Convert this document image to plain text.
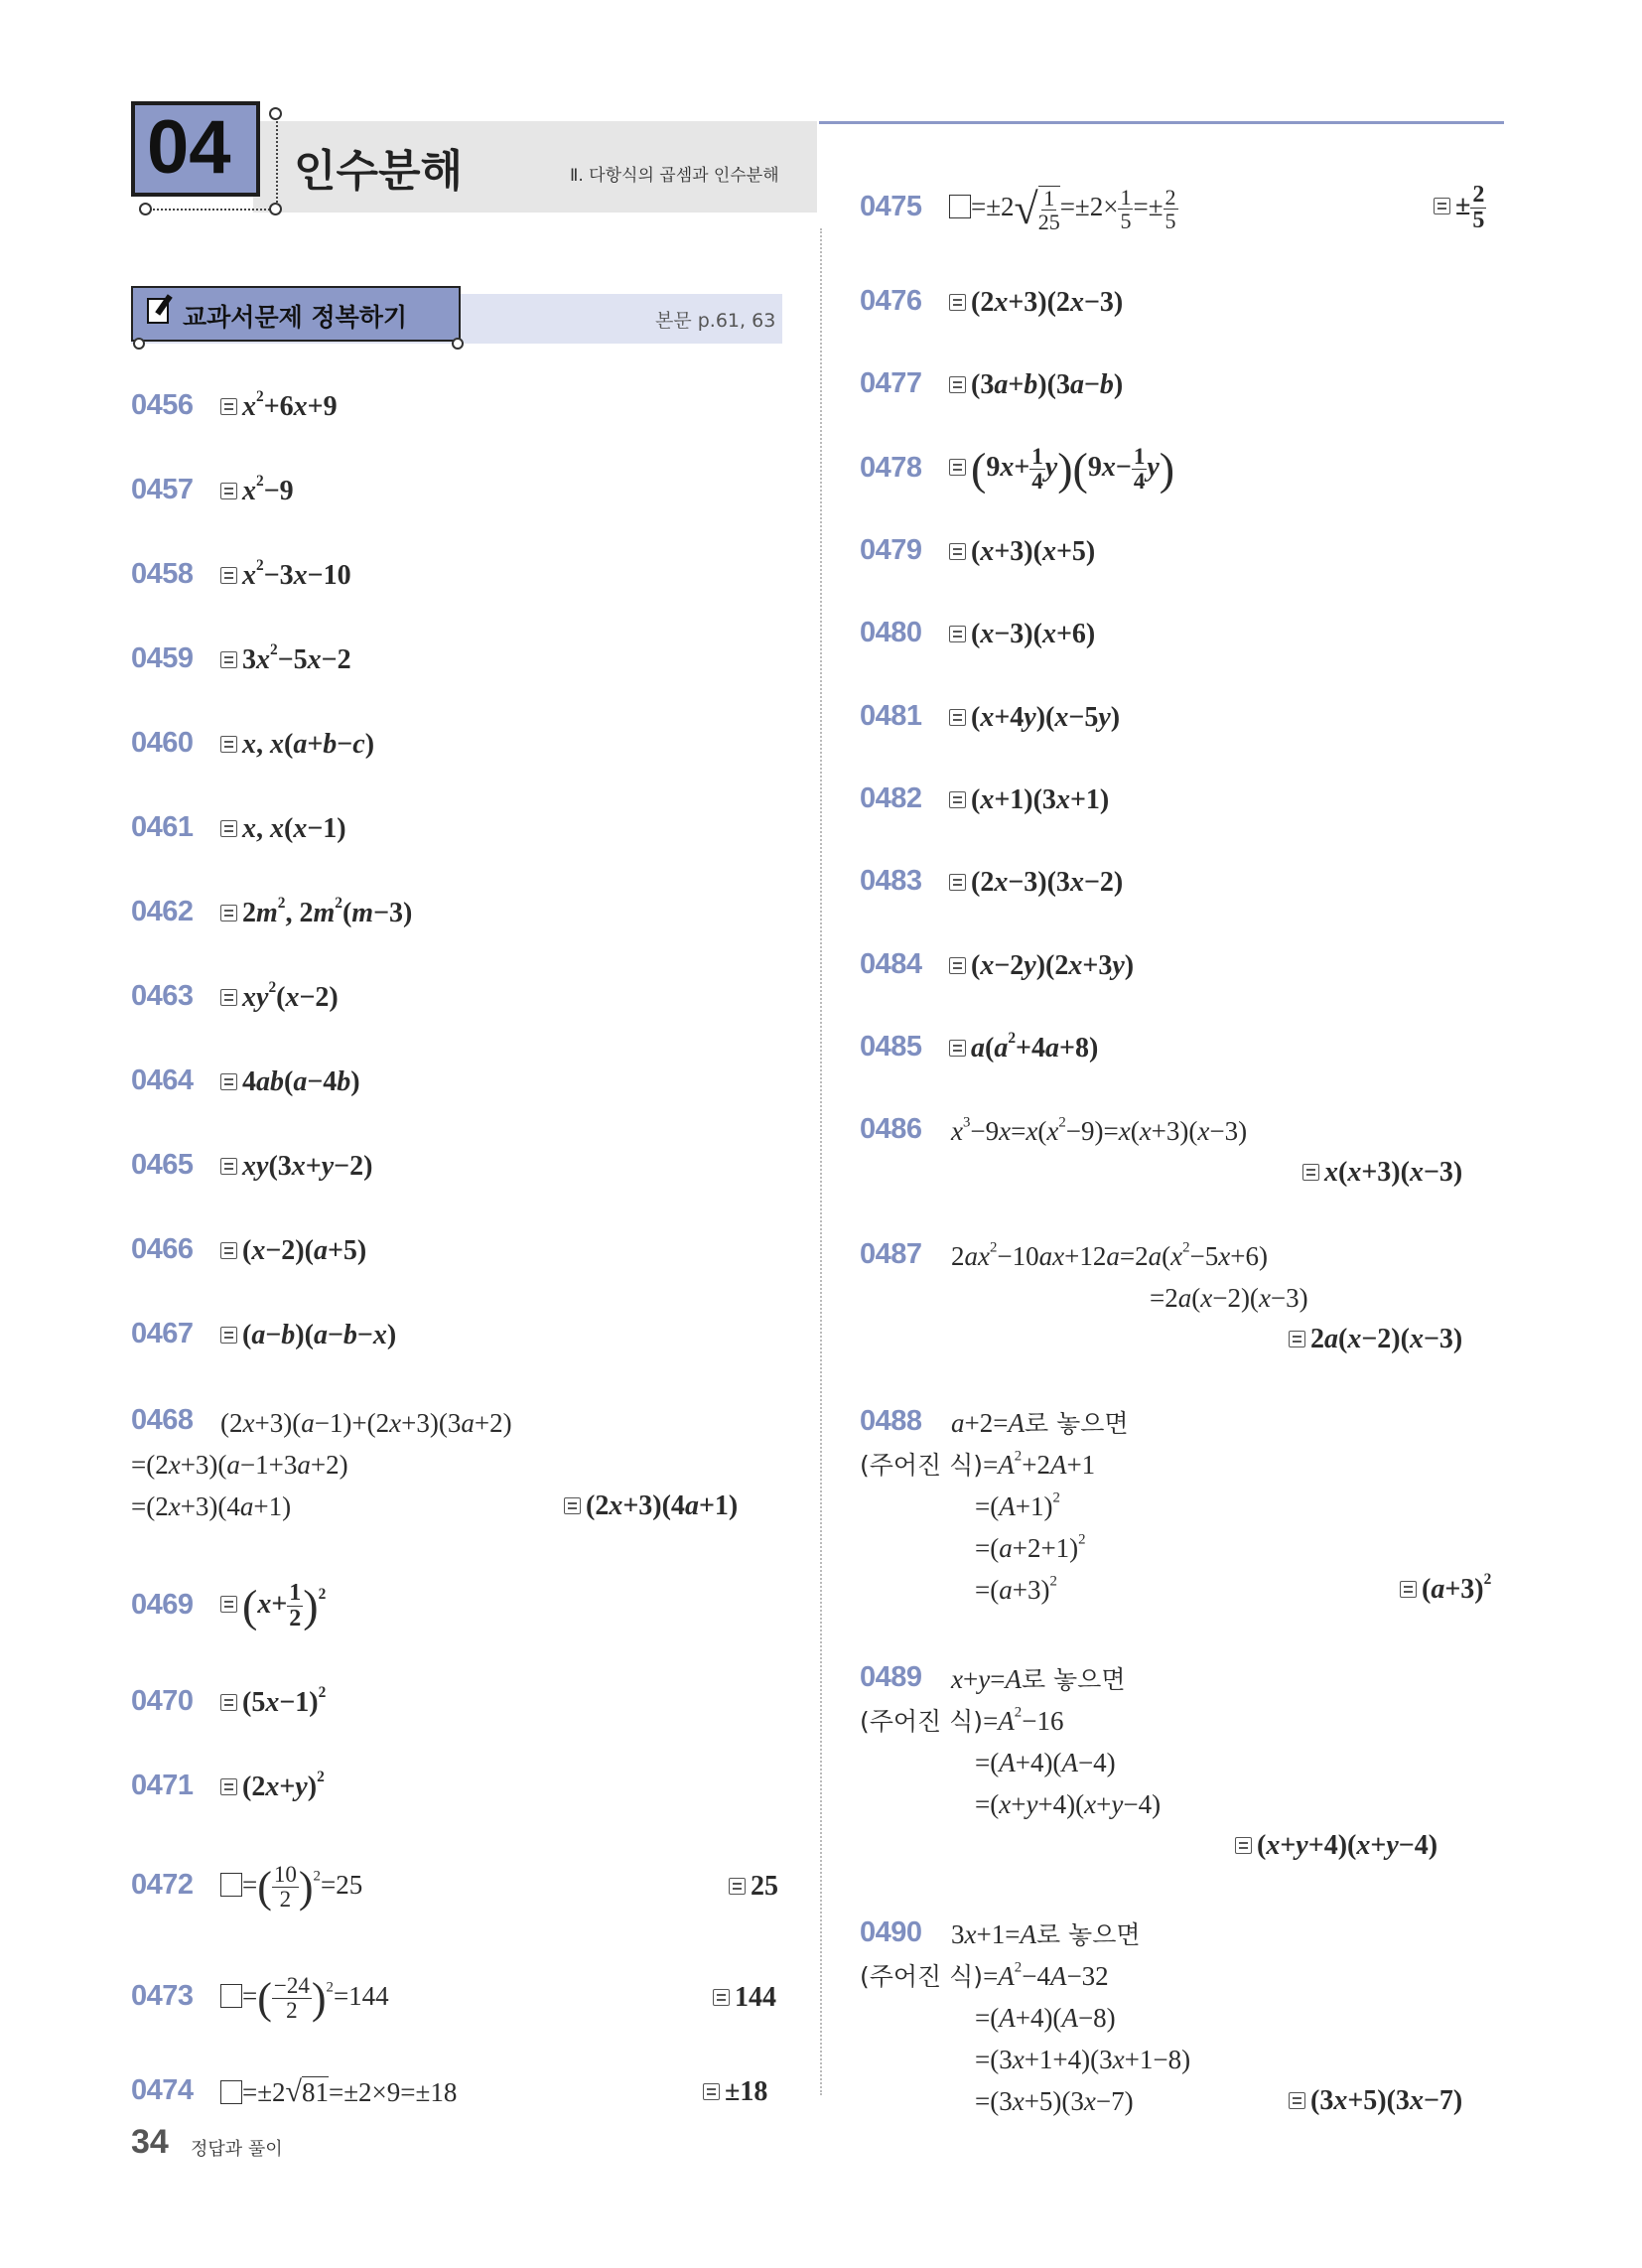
04 인수분해	Ⅱ. 다항식의 곱셈과 인수분해
교과서문제 정복하기	본문 p.61, 63
0456	$x^2+6x+9$
0457	$x^2-9$
0458	$x^2-3x-10$
0459	$3x^2-5x-2$
0460	x, x(a+b−c)
0461	x, x(x−1)
0462	$2m^2$, $2m^2(m-3)$
0463	$xy^2(x-2)$
0464	4ab(a−4b)
0465	xy(3x+y−2)
0466	(x−2)(a+5)
0467	(a−b)(a−b−x)
0468 (2x+3)(a−1)+(2x+3)(3a+2)
=(2x+3)(a−1+3a+2)
=(2x+3)(4a+1)	(2x+3)(4a+1)
0469	$(x+ \frac{1}{2} )^2$
0470	$(5x-1)^2$
0471	$(2x+y)^2$
0472	=( $\frac{10}{2} )^2=25$	25
0473	=( $\frac{-24}{2} )^2=144$	144
0474	=±2√81=±2×9=±18	±18
0475	$=\pm 2√ \frac{1}{25} =\pm 2\times \frac{1}{5} =\pm \frac{2}{5}$	± $\frac{2}{5}$
0476	(2x+3)(2x−3)
0477	(3a+b)(3a−b)
0478	$(9x+ \frac{1}{4} y)(9x- \frac{1}{4} y)$
0479	(x+3)(x+5)
0480	(x−3)(x+6)
0481	(x+4y)(x−5y)
0482	(x+1)(3x+1)
0483	(2x−3)(3x−2)
0484	(x−2y)(2x+3y)
0485	$a(a^2+4a+8)$
0486 $x^3-9x=x(x^2-9)=x(x+3)(x-3)$
x(x+3)(x−3)
0487 $2ax^2-10ax+12a=2a(x^2-5x+6)$
=2a(x−2)(x−3)
2a(x−2)(x−3)
0488 a+2=A로 놓으면
(주어진 식)$=A^2+2A+1$
$=(A+1)^2$
$=(a+2+1)^2$
$=(a+3)^2$	$(a+3)^2$
0489 x+y=A로 놓으면
(주어진 식)$=A^2-16$
=(A+4)(A−4)
=(x+y+4)(x+y−4)
(x+y+4)(x+y−4)
0490 3x+1=A로 놓으면
(주어진 식)$=A^2-4A-32$
=(A+4)(A−8)
=(3x+1+4)(3x+1−8)
=(3x+5)(3x−7)	(3x+5)(3x−7)
34 정답과 풀이
